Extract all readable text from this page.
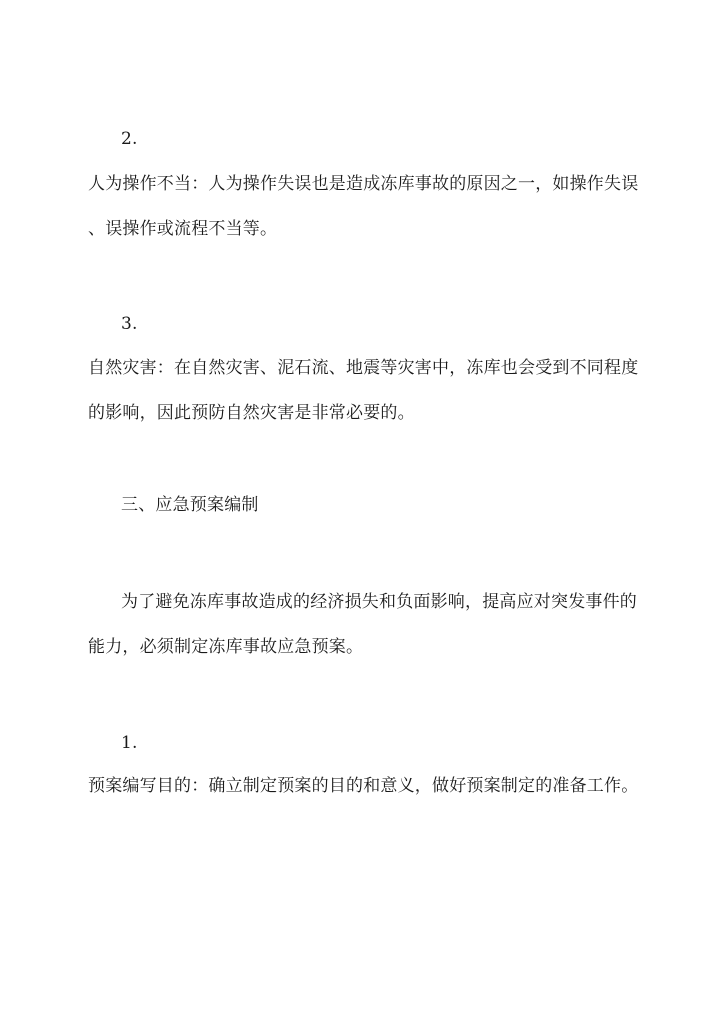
2.
人为操作不当：人为操作失误也是造成冻库事故的原因之一，如操作失误
、误操作或流程不当等。
3.
自然灾害：在自然灾害、泥石流、地震等灾害中，冻库也会受到不同程度
的影响，因此预防自然灾害是非常必要的。
三、应急预案编制
为了避免冻库事故造成的经济损失和负面影响，提高应对突发事件的
能力，必须制定冻库事故应急预案。
1.
预案编写目的：确立制定预案的目的和意义，做好预案制定的准备工作。
